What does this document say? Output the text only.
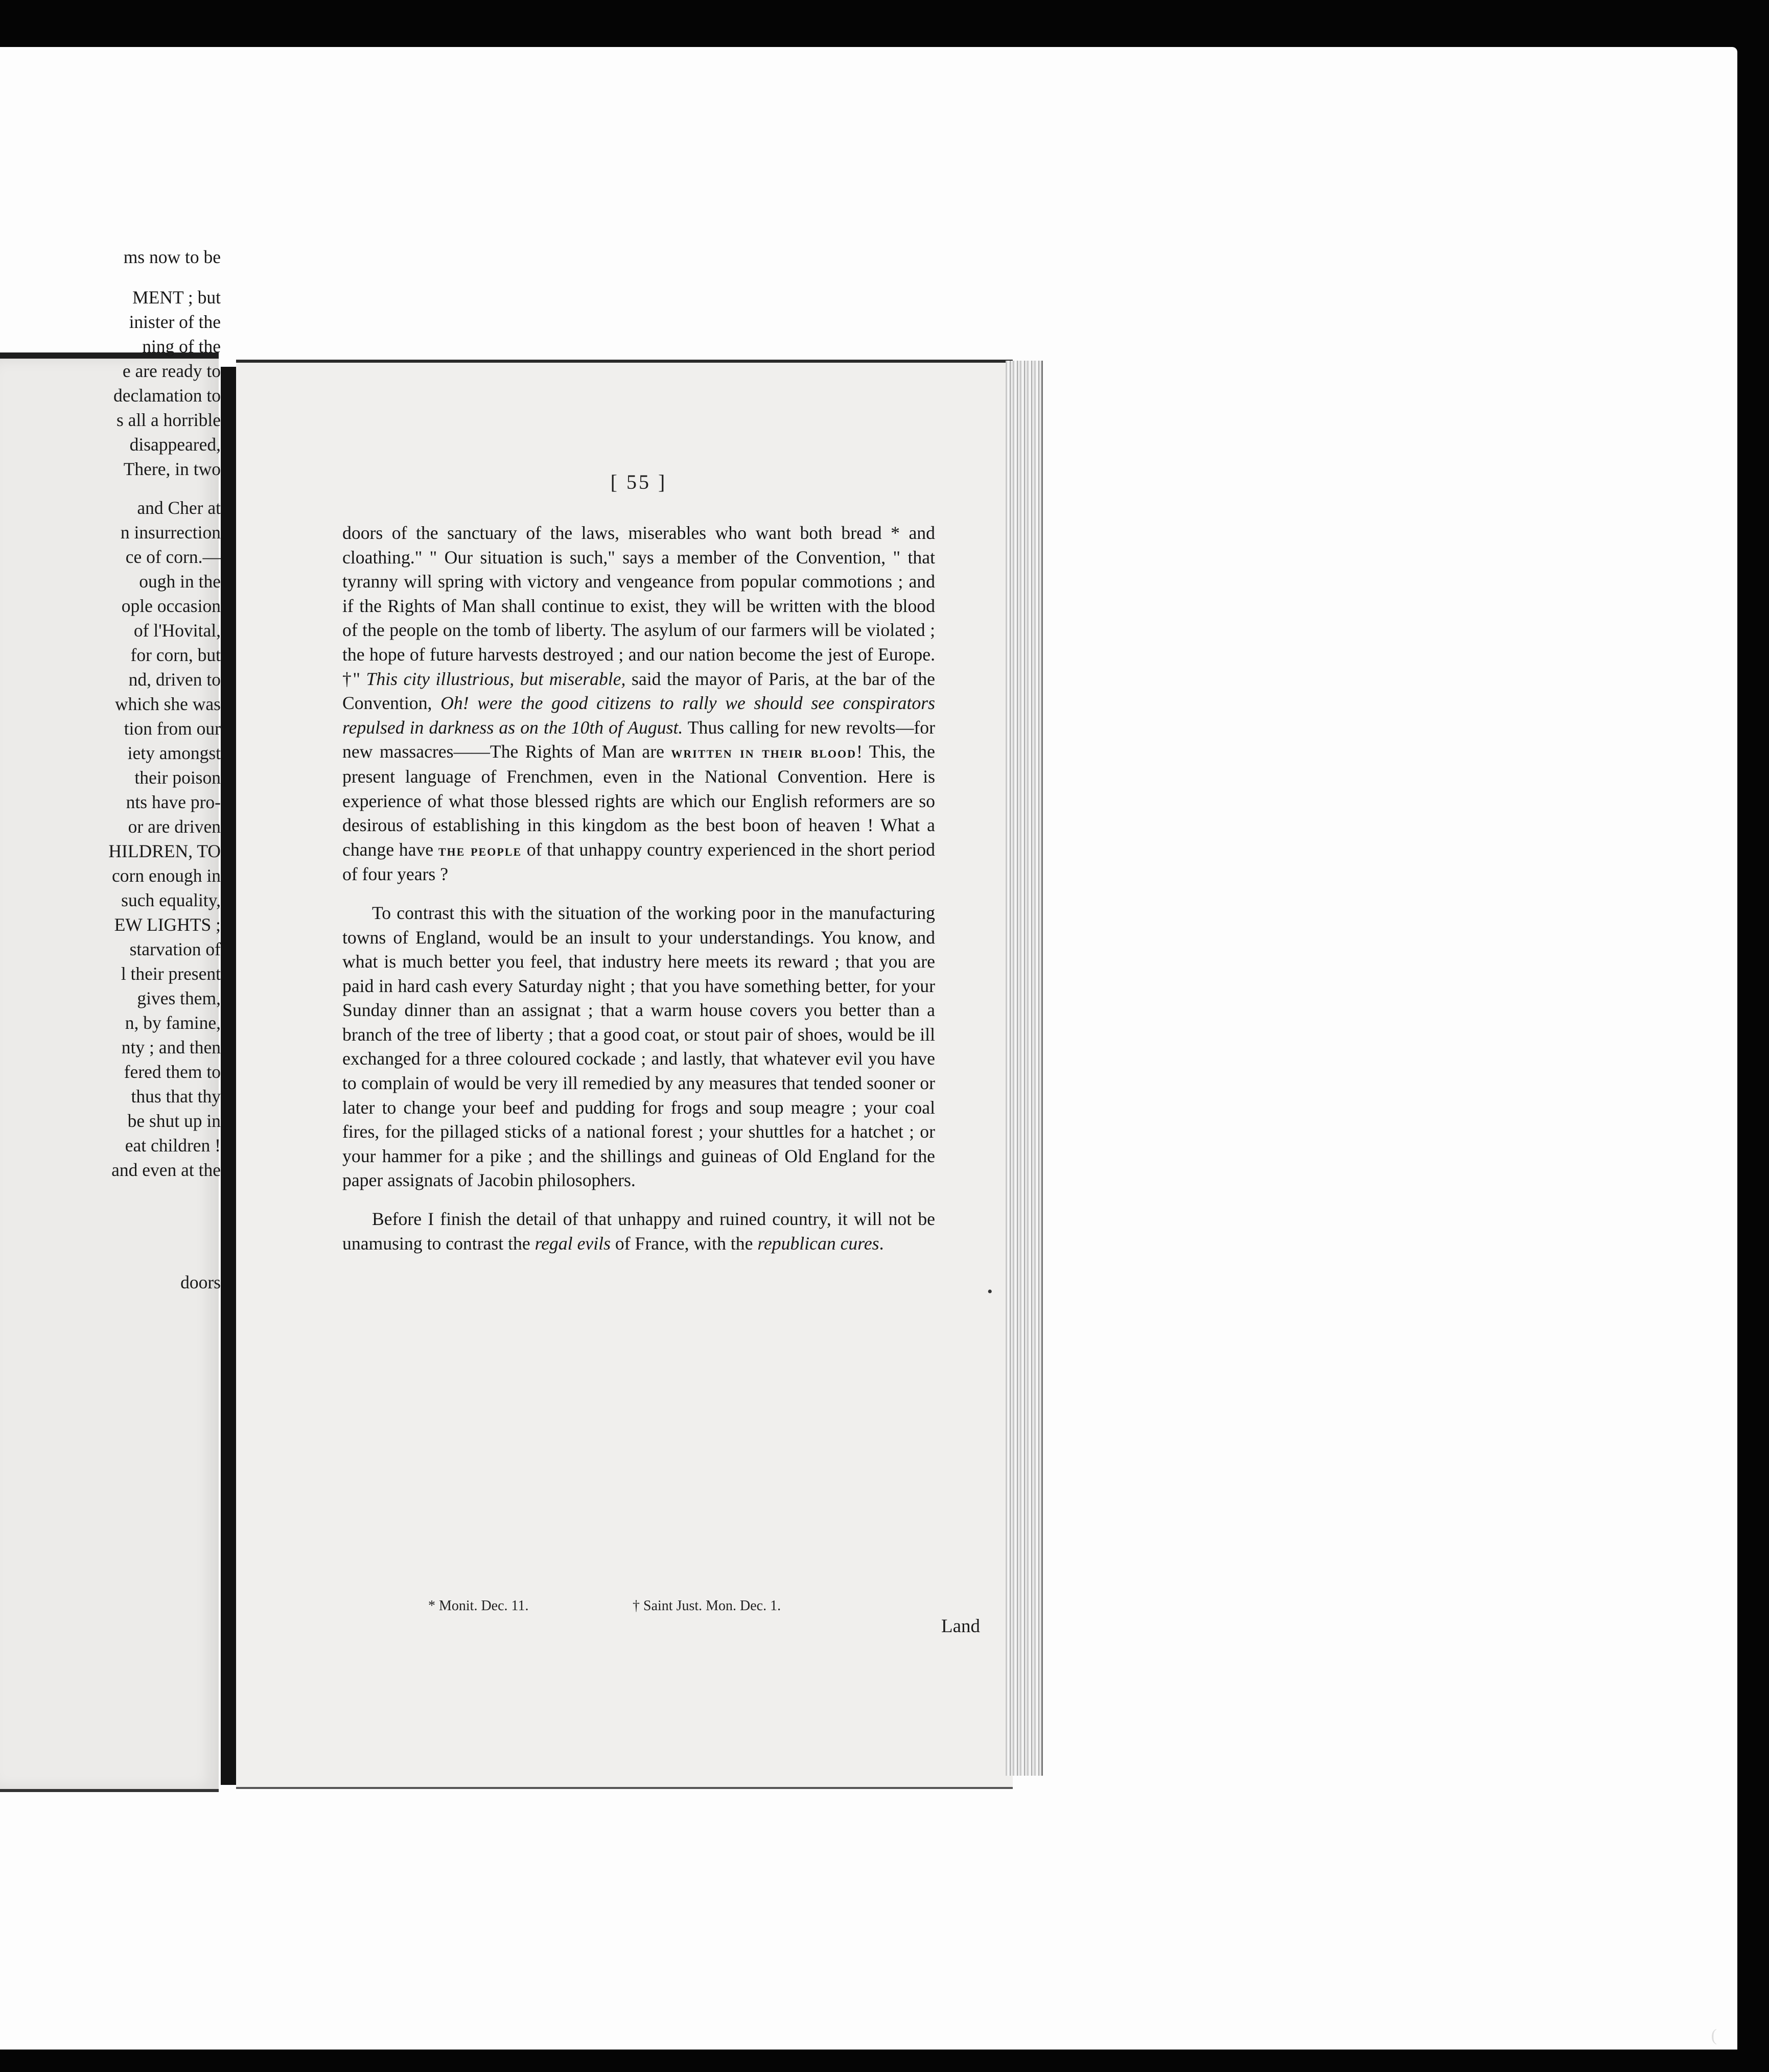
ms now to be
MENT ; but
inister of the
ning of the
e are ready to
declamation to
s all a horrible
disappeared,
There, in two
and Cher at
n insurrection
ce of corn.—
ough in the
ople occasion
of l'Hovital,
for corn, but
nd, driven to
which she was
tion from our
iety amongst
their poison
nts have pro-
or are driven
HILDREN, TO
corn enough in
such equality,
EW LIGHTS ;
starvation of
l their present
gives them,
n, by famine,
nty ; and then
fered them to
thus that thy
be shut up in
eat children !
and even at the
doors
[ 55 ]

doors of the sanctuary of the laws, miserables who want both bread * and cloathing." " Our situation is such," says a member of the Convention, " that tyranny will spring with victory and vengeance from popular commotions ; and if the Rights of Man shall continue to exist, they will be written with the blood of the people on the tomb of liberty. The asylum of our farmers will be violated ; the hope of future harvests destroyed ; and our nation become the jest of Europe. †" This city illustrious, but miserable, said the mayor of Paris, at the bar of the Convention, Oh! were the good citizens to rally we should see conspirators repulsed in darkness as on the 10th of August. Thus calling for new revolts—for new massacres——The Rights of Man are written in their blood! This, the present language of Frenchmen, even in the National Convention. Here is experience of what those blessed rights are which our English reformers are so desirous of establishing in this kingdom as the best boon of heaven ! What a change have the people of that unhappy country experienced in the short period of four years ?

To contrast this with the situation of the working poor in the manufacturing towns of England, would be an insult to your understandings. You know, and what is much better you feel, that industry here meets its reward ; that you are paid in hard cash every Saturday night ; that you have something better, for your Sunday dinner than an assignat ; that a warm house covers you better than a branch of the tree of liberty ; that a good coat, or stout pair of shoes, would be ill exchanged for a three coloured cockade ; and lastly, that whatever evil you have to complain of would be very ill remedied by any measures that tended sooner or later to change your beef and pudding for frogs and soup meagre ; your coal fires, for the pillaged sticks of a national forest ; your shuttles for a hatchet ; or your hammer for a pike ; and the shillings and guineas of Old England for the paper assignats of Jacobin philosophers.

Before I finish the detail of that unhappy and ruined country, it will not be unamusing to contrast the regal evils of France, with the republican cures.

* Monit. Dec. 11.	† Saint Just. Mon. Dec. 1.
Land
•
(
